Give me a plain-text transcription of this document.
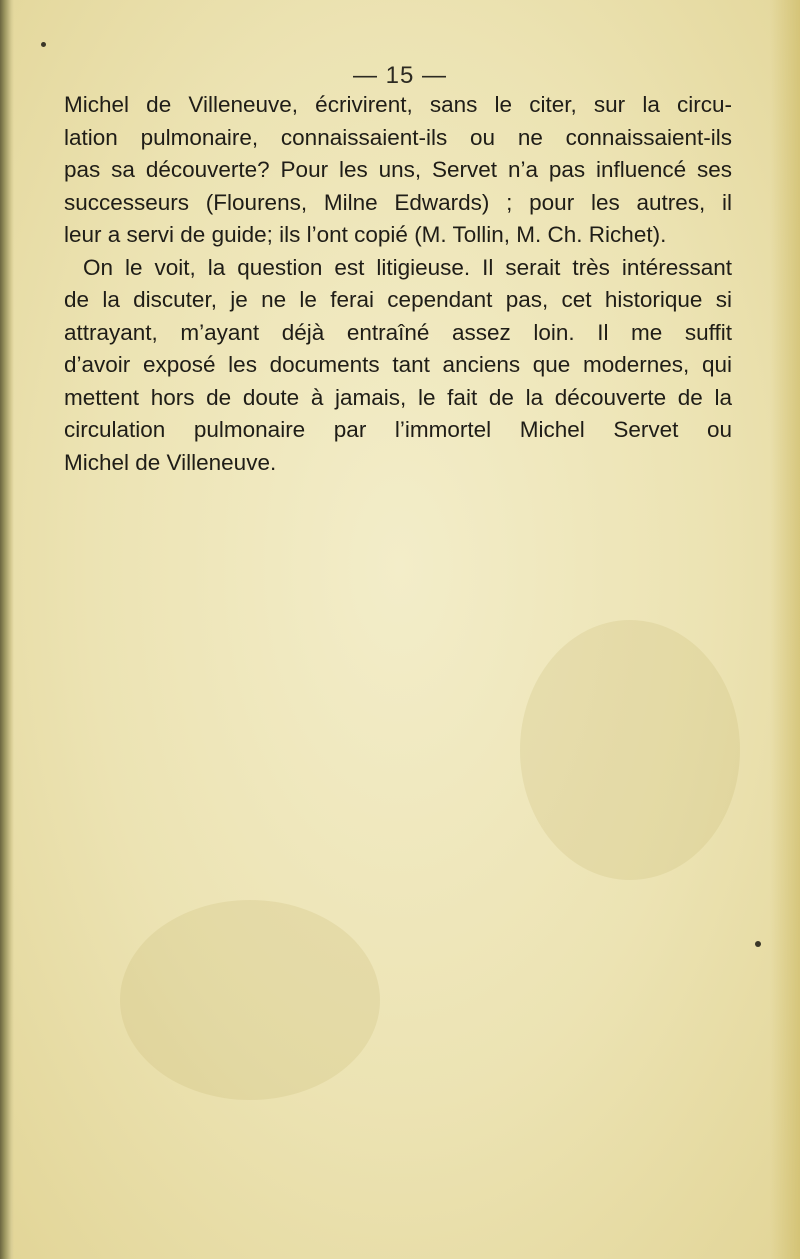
— 15 —
Michel de Villeneuve, écrivirent, sans le citer, sur la circu-
lation pulmonaire, connaissaient-ils ou ne connaissaient-ils
pas sa découverte? Pour les uns, Servet n’a pas influencé ses
successeurs (Flourens, Milne Edwards) ; pour les autres, il
leur a servi de guide; ils l’ont copié (M. Tollin, M. Ch. Richet).
On le voit, la question est litigieuse. Il serait très intéressant
de la discuter, je ne le ferai cependant pas, cet historique si
attrayant, m’ayant déjà entraîné assez loin. Il me suffit
d’avoir exposé les documents tant anciens que modernes, qui
mettent hors de doute à jamais, le fait de la découverte de la
circulation pulmonaire par l’immortel Michel Servet ou
Michel de Villeneuve.
